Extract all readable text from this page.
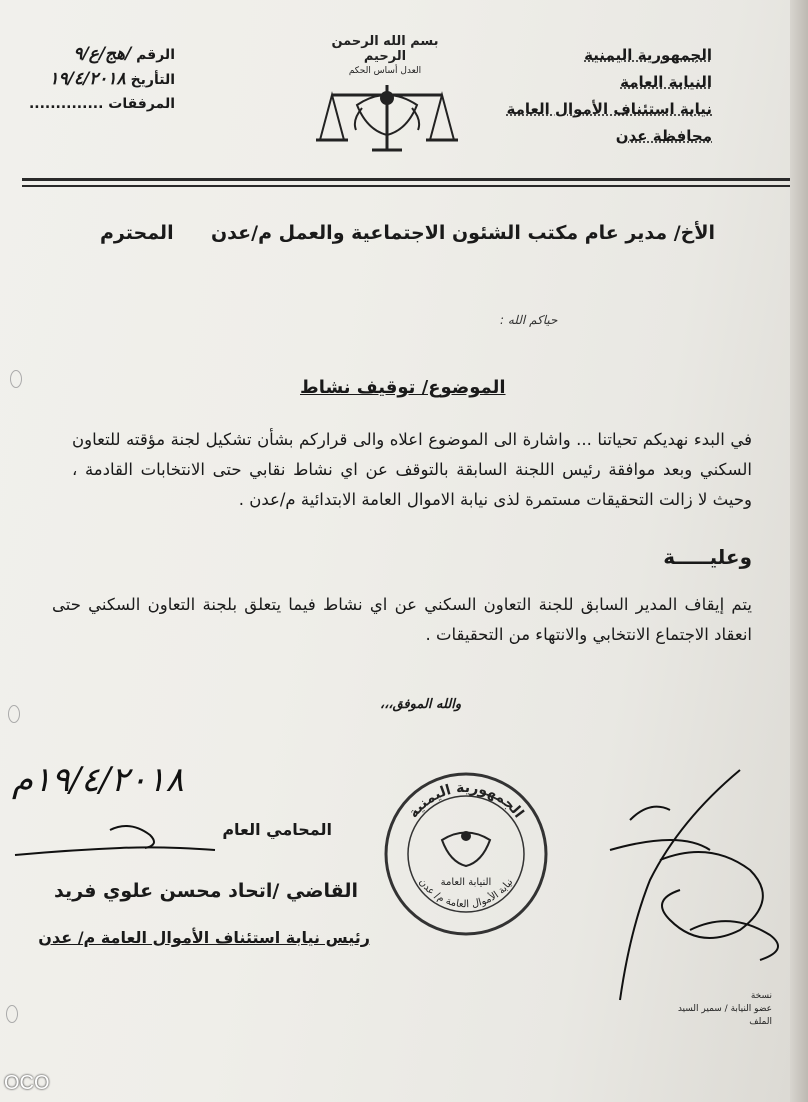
الجمهورية اليمنية
النيابة العامة
نيابة استئناف الأموال العامة
محافظة عدن
الرقم /هج/ع/٩
التأريخ ١٩/٤/٢٠١٨
المرفقات ..............
بسم الله الرحمن الرحيم
العدل أساس الحكم
الأخ/ مدير عام مكتب الشئون الاجتماعية والعمل م/عدن
المحترم
حياكم الله :
الموضوع/ توقيف نشاط
في البدء نهديكم تحياتنا ... واشارة الى الموضوع اعلاه والى قراركم بشأن تشكيل لجنة مؤقته للتعاون السكني وبعد موافقة رئيس اللجنة السابقة بالتوقف عن اي نشاط نقابي حتى الانتخابات القادمة ، وحيث لا زالت التحقيقات مستمرة لذى نيابة الاموال العامة الابتدائية م/عدن .
وعليـــــة
يتم إيقاف المدير السابق للجنة التعاون السكني عن اي نشاط فيما يتعلق بلجنة التعاون السكني حتى انعقاد الاجتماع الانتخابي والانتهاء من التحقيقات .
والله الموفق،،،
١٩/٤/٢٠١٨م
المحامي العام
القاضي /اتحاد محسن علوي فريد
رئيس نيابة استئناف الأموال العامة م/ عدن
الجمهورية اليمنية
نيابة الأموال العامة م/ عدن
النيابة العامة
نسخة
عضو النيابة / سمير السيد
الملف
OCO
